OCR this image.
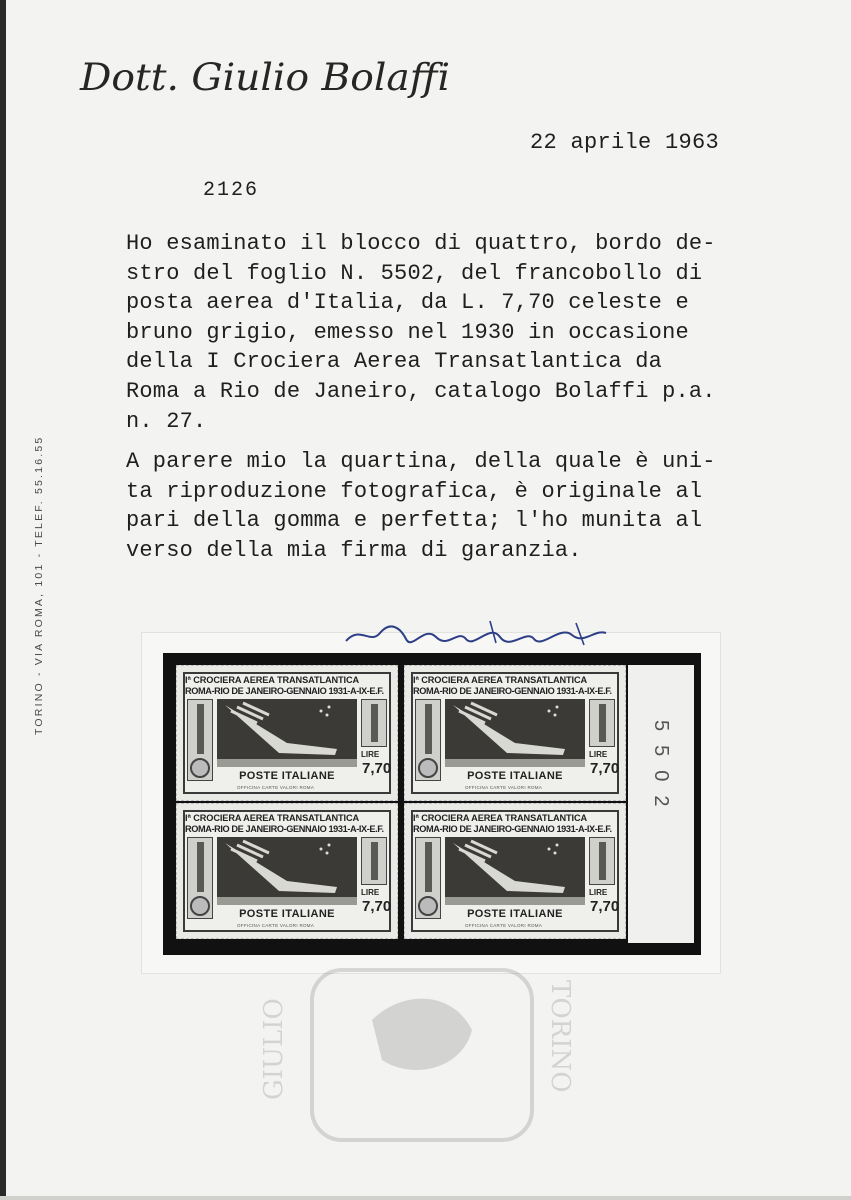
Dott. Giulio Bolaffi
22 aprile 1963
2126
TORINO - VIA ROMA, 101 - TELEF. 55.16.55
Ho esaminato il blocco di quattro, bordo de-
stro del foglio N. 5502, del francobollo di
posta aerea d'Italia, da L. 7,70 celeste e
bruno grigio, emesso nel 1930 in occasione
della I Crociera Aerea Transatlantica da
Roma a Rio de Janeiro, catalogo Bolaffi p.a.
n. 27.
A parere mio la quartina, della quale è uni-
ta riproduzione fotografica, è originale al
pari della gomma e perfetta; l'ho munita al
verso della mia firma di garanzia.
5502
Iª CROCIERA AEREA TRANSATLANTICA
ROMA-RIO DE JANEIRO-GENNAIO 1931-A-IX-E.F.
LIRE
7,70
POSTE ITALIANE
OFFICINA CARTE VALORI ROMA
Iª CROCIERA AEREA TRANSATLANTICA
ROMA-RIO DE JANEIRO-GENNAIO 1931-A-IX-E.F.
LIRE
7,70
POSTE ITALIANE
OFFICINA CARTE VALORI ROMA
Iª CROCIERA AEREA TRANSATLANTICA
ROMA-RIO DE JANEIRO-GENNAIO 1931-A-IX-E.F.
LIRE
7,70
POSTE ITALIANE
OFFICINA CARTE VALORI ROMA
Iª CROCIERA AEREA TRANSATLANTICA
ROMA-RIO DE JANEIRO-GENNAIO 1931-A-IX-E.F.
LIRE
7,70
POSTE ITALIANE
OFFICINA CARTE VALORI ROMA
GIULIO	TORINO
